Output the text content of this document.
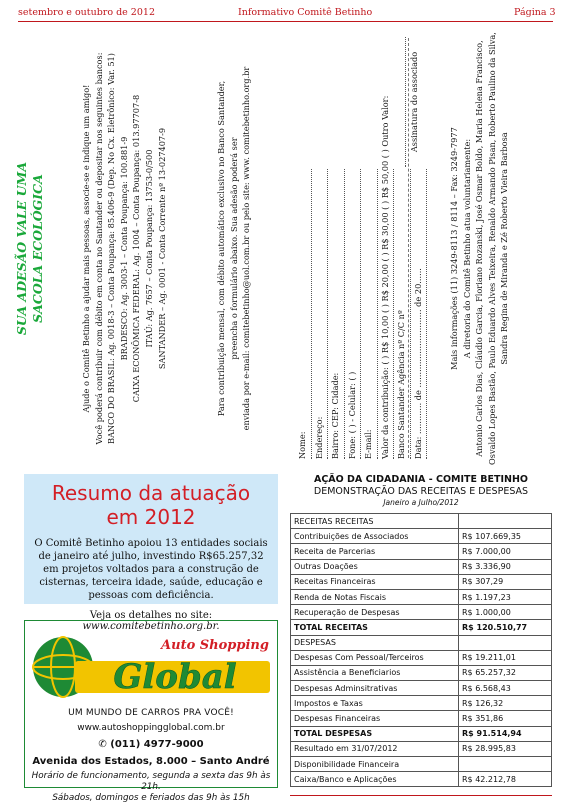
setembro e outubro de 2012	Informativo Comitê Betinho	Página 3
SUA ADESÃO VALE UMA SACOLA ECOLÓGICA	Ajude o Comitê Betinho a ajudar mais pessoas, associe-se e indique um amigo! Você poderá contribuir com débito em conta no Santander ou depositar nos seguintes bancos: BANCO DO BRASIL: Ag. 0018-3 – Conta Poupança: 85.406-9 (Dep. No Cx. Eletrônico: Var. 51) BRADESCO: Ag. 3003-1 – Conta Poupança: 100.881-9 CAIXA ECONÔMICA FEDERAL: Ag. 1004 – Conta Poupança: 013.97707-8 ITAÚ: Ag. 7657 – Conta Poupança: 13753-0/500 SANTANDER – Ag. 0001 - Conta Corrente nº 13-027407-9	Para contribuição mensal, com débito automático exclusivo no Banco Santander, preencha o formulário abaixo. Sua adesão poderá ser enviada por e-mail: comitebetinho@uol.com.br ou pelo site: www. comitebetinho.org.br
Nome: Endereço: Bairro: CEP: Cidade: Fone: ( ) - Celular: ( ) E-mail: Valor da contribuição: ( ) R$ 10,00 ( ) R$ 20,00 ( ) R$ 30,00 ( ) R$ 50,00 ( ) Outro Valor: Banco Santander Agência nº C/C nº Data: ............ de .............................. de 20......
Assinatura do associado
Mais informações (11) 3249-8113 / 8114 – Fax: 3249-7977 A diretoria do Comitê Betinho atua voluntariamente: Antonio Carlos Dias, Cláudio Garcia, Floriano Rozanski, José Osmar Boldo, Maria Helena Francisco, Osvaldo Lopes Bastão, Paulo Eduardo Alves Teixeira, Renaldo Armando Pisan, Roberto Paulino da Silva, Sandra Regina de Miranda e Zé Roberto Vieira Barbosa
Resumo da atuação
em 2012
O Comitê Betinho apoiou 13 entidades sociais de janeiro até julho, investindo R$65.257,32 em projetos voltados para a construção de cisternas, terceira idade, saúde, educação e pessoas com deficiência.
Veja os detalhes no site: www.comitebetinho.org.br.
Auto Shopping
Global
UM MUNDO DE CARROS PRA VOCÊ!
www.autoshoppingglobal.com.br
✆ (011) 4977-9000
Avenida dos Estados, 8.000 – Santo André
Horário de funcionamento, segunda a sexta das 9h às 21h.
Sábados, domingos e feriados das 9h às 15h
AÇÃO DA CIDADANIA - COMITE BETINHO
DEMONSTRAÇÃO DAS RECEITAS E DESPESAS
Janeiro a Julho/2012
RECEITAS RECEITAS	
Contribuições de Associados	R$ 107.669,35
Receita de Parcerias	R$ 7.000,00
Outras Doações	R$ 3.336,90
Receitas Financeiras	R$ 307,29
Renda de Notas Fiscais	R$ 1.197,23
Recuperação de Despesas	R$ 1.000,00
TOTAL RECEITAS	R$ 120.510,77
DESPESAS	
Despesas Com Pessoal/Terceiros	R$ 19.211,01
Assistência a Beneficiarios	R$ 65.257,32
Despesas Adminsitrativas	R$ 6.568,43
Impostos e Taxas	R$ 126,32
Despesas Financeiras	R$ 351,86
TOTAL DESPESAS	R$ 91.514,94
Resultado em 31/07/2012	R$ 28.995,83
Disponibilidade Financeira	
Caixa/Banco e Aplicações	R$ 42.212,78
